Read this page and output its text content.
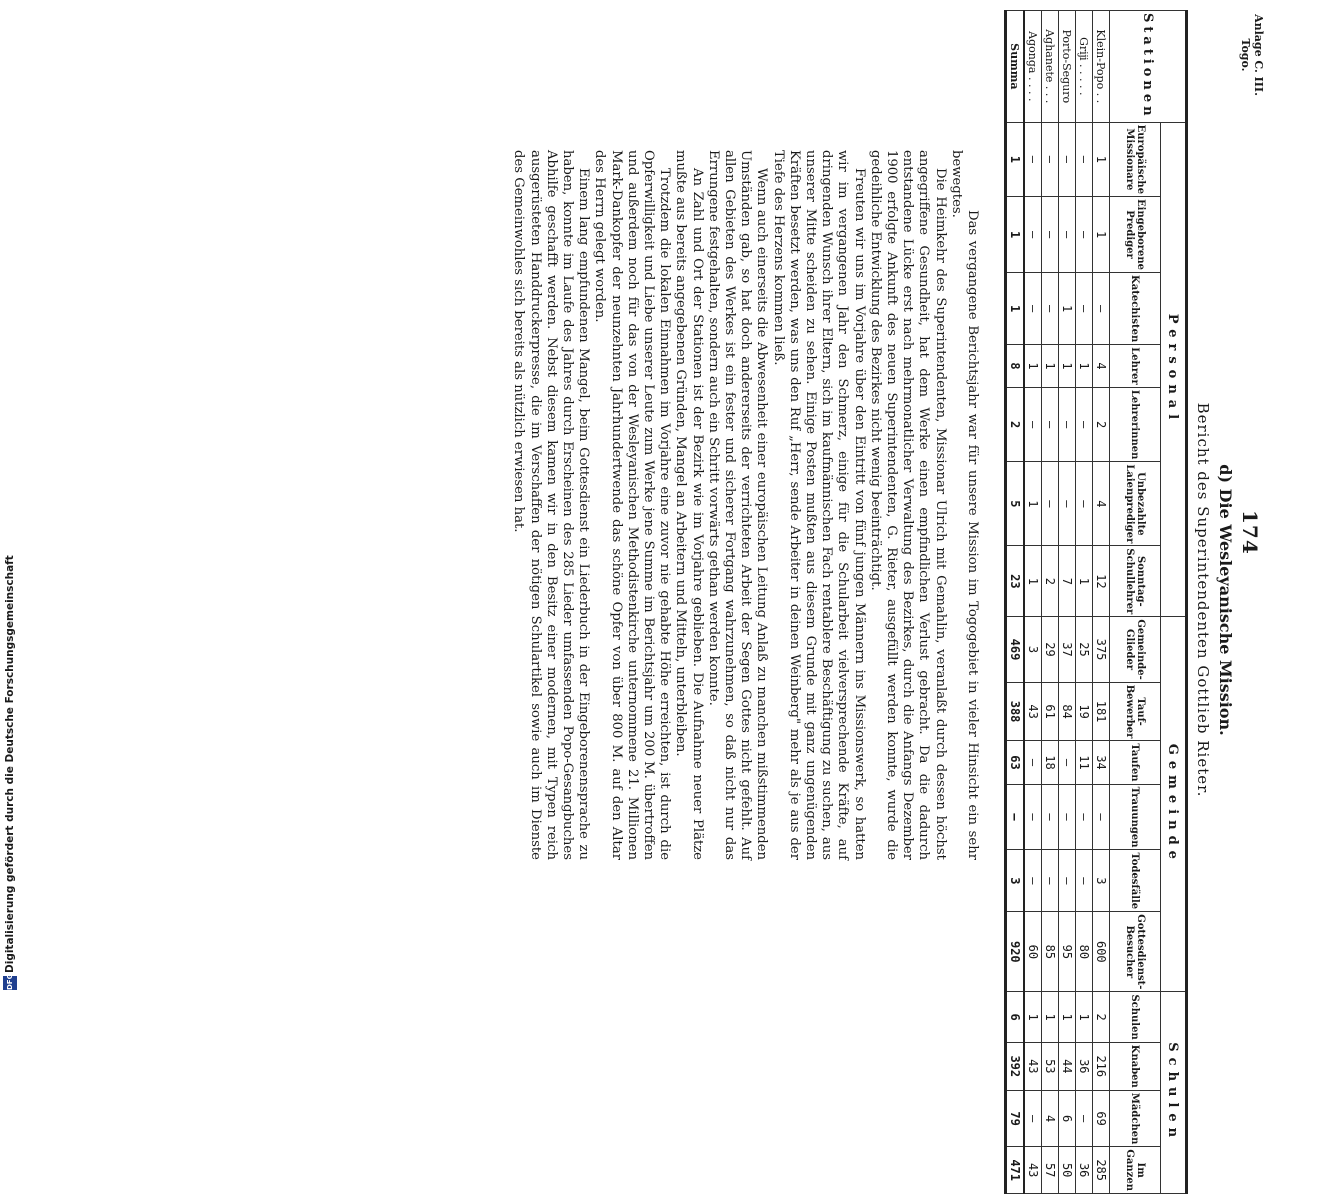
Anlage C. III.
Togo.
174
d) Die Wesleyanische Mission.
Bericht des Superintendenten Gottlieb Rieter.
Stationen	Personal							Gemeinde						Schulen			
	Europäische Missionare	Eingeborene Prediger	Katechisten	Lehrer	Lehrerinnen	Unbezahlte Laienprediger	Sonntag-Schullehrer	Gemeinde-Glieder	Tauf-Bewerber	Taufen	Trauungen	Todesfälle	Gottesdienst-Besucher	Schulen	Knaben	Mädchen	Im Ganzen
Klein-Popo . .	1	1	—	4	2	4	12	375	181	34	—	3	600	2	216	69	285
Grĳi . . . . .	—	—	—	1	—	—	1	25	19	11	—	—	80	1	36	—	36
Porto-Seguro	—	—	1	1	—	—	7	37	84	—	—	—	95	1	44	6	50
Aghanete . . .	—	—	—	1	—	—	2	29	61	18	—	—	85	1	53	4	57
Agonga . . . .	—	—	—	1	—	1	1	3	43	—	—	—	60	1	43	—	43
Summa	1	1	1	8	2	5	23	469	388	63	—	3	920	6	392	79	471

Das vergangene Berichtsjahr war für unsere Mission im Togogebiet in vieler Hinsicht ein sehr bewegtes.

Die Heimkehr des Superintendenten, Missionar Ulrich mit Gemahlin, veranlaßt durch dessen höchst angegriffene Gesundheit, hat dem Werke einen empfindlichen Verlust gebracht. Da die dadurch entstandene Lücke erst nach mehrmonatlicher Verwaltung des Bezirkes, durch die Anfangs Dezember 1900 erfolgte Ankunft des neuen Superintendenten, G. Rieter, ausgefüllt werden konnte, wurde die gedeihliche Entwicklung des Bezirkes nicht wenig beeinträchtigt.

Freuten wir uns im Vorjahre über den Eintritt von fünf jungen Männern ins Missionswerk, so hatten wir im vergangenen Jahr den Schmerz, einige für die Schularbeit vielversprechende Kräfte, auf dringenden Wunsch ihrer Eltern, sich im kaufmännischen Fach rentablere Beschäftigung zu suchen, aus unserer Mitte scheiden zu sehen. Einige Posten mußten aus diesem Grunde mit ganz ungenügenden Kräften besetzt werden, was uns den Ruf „Herr, sende Arbeiter in deinen Weinberg" mehr als je aus der Tiefe des Herzens kommen ließ.

Wenn auch einerseits die Abwesenheit einer europäischen Leitung Anlaß zu manchen mißstimmenden Umständen gab, so hat doch andererseits der verrichteten Arbeit der Segen Gottes nicht gefehlt. Auf allen Gebieten des Werkes ist ein fester und sicherer Fortgang wahrzunehmen, so daß nicht nur das Errungene festgehalten, sondern auch ein Schritt vorwärts gethan werden konnte.

An Zahl und Ort der Stationen ist der Bezirk wie im Vorjahre geblieben. Die Aufnahme neuer Plätze mußte aus bereits angegebenen Gründen, Mangel an Arbeitern und Mitteln, unterbleiben.

Trotzdem die lokalen Einnahmen im Vorjahre eine zuvor nie gehabte Höhe erreichten, ist durch die Opferwilligkeit und Liebe unserer Leute zum Werke jene Summe im Berichtsjahr um 200 M. übertroffen und außerdem noch für das von der Wesleyanischen Methodistenkirche unternommene 21. Millionen Mark-Dankopfer der neunzehnten Jahrhundertwende das schöne Opfer von über 800 M. auf den Altar des Herrn gelegt worden.

Einem lang empfundenen Mangel, beim Gottesdienst ein Liederbuch in der Eingeborenensprache zu haben, konnte im Laufe des Jahres durch Erscheinen des 285 Lieder umfassenden Popo-Gesangbuches Abhilfe geschafft werden. Nebst diesem kamen wir in den Besitz einer modernen, mit Typen reich ausgerüsteten Handdruckerpresse, die im Verschaffen der nötigen Schulartikel sowie auch im Dienste des Gemeinwohles sich bereits als nützlich erwiesen hat.

DFGDigitalisierung gefördert durch die Deutsche Forschungsgemeinschaft
